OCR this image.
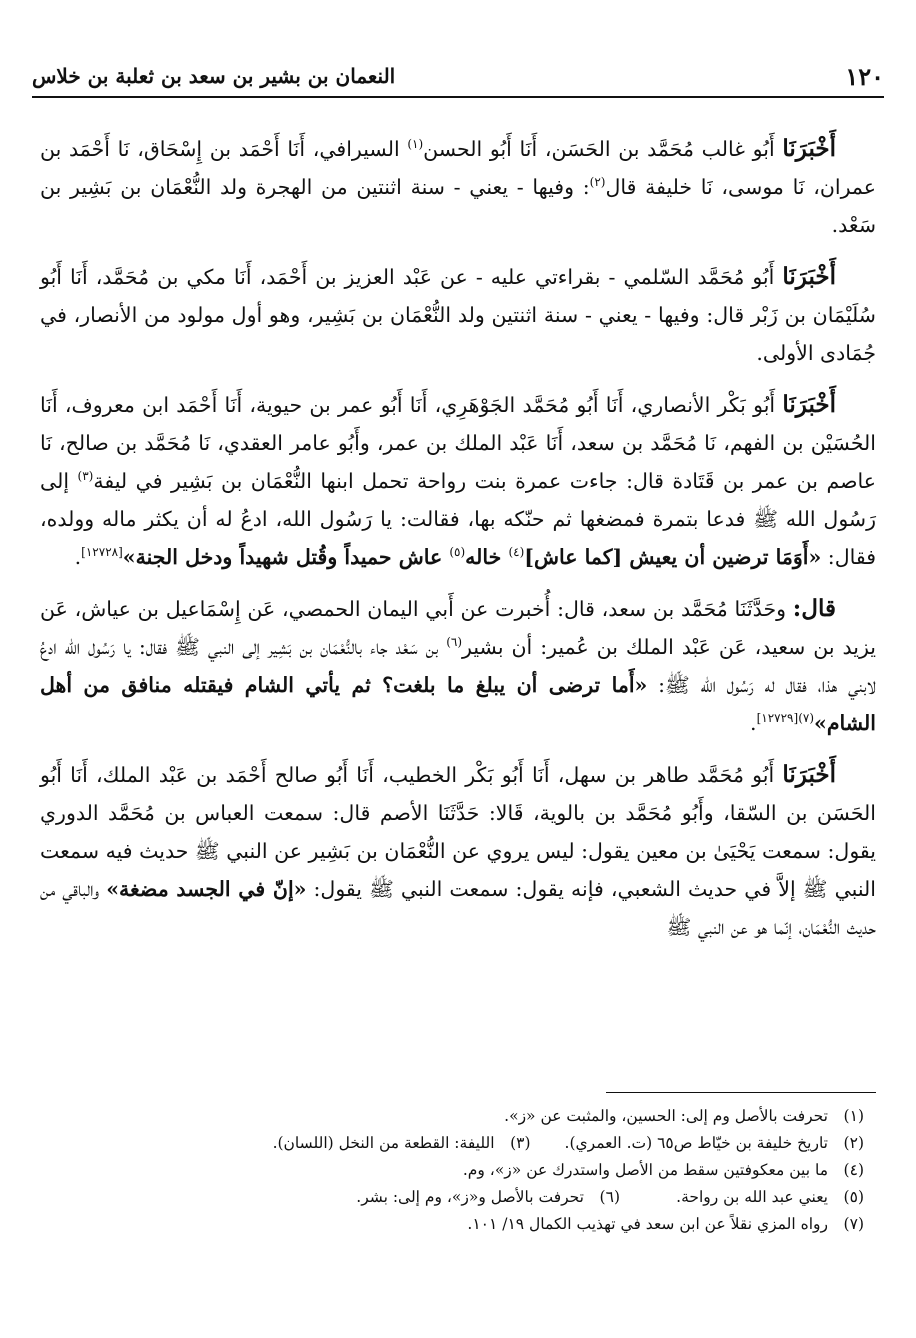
١٢٠
النعمان بن بشير بن سعد بن ثعلبة بن خلاس

أَخْبَرَنَا أَبُو غالب مُحَمَّد بن الحَسَن، أَنَا أَبُو الحسن$^{(١)}$ السيرافي، أَنَا أَحْمَد بن إِسْحَاق، نَا أَحْمَد بن عمران، نَا موسى، نَا خليفة قال$^{(٢)}$: وفيها - يعني - سنة اثنتين من الهجرة ولد النُّعْمَان بن بَشِير بن سَعْد.

أَخْبَرَنَا أَبُو مُحَمَّد السّلمي - بقراءتي عليه - عن عَبْد العزيز بن أَحْمَد، أَنَا مكي بن مُحَمَّد، أَنَا أَبُو سُلَيْمَان بن زَبْر قال: وفيها - يعني - سنة اثنتين ولد النُّعْمَان بن بَشِير، وهو أول مولود من الأنصار، في جُمَادى الأولى.

أَخْبَرَنَا أَبُو بَكْر الأنصاري، أَنَا أَبُو مُحَمَّد الجَوْهَرِي، أَنَا أَبُو عمر بن حيوية، أَنَا أَحْمَد ابن معروف، أَنَا الحُسَيْن بن الفهم، نَا مُحَمَّد بن سعد، أَنَا عَبْد الملك بن عمر، وأَبُو عامر العقدي، نَا مُحَمَّد بن صالح، نَا عاصم بن عمر بن قَتَادة قال: جاءت عمرة بنت رواحة تحمل ابنها النُّعْمَان بن بَشِير في ليفة$^{(٣)}$ إلى رَسُول الله ﷺ فدعا بتمرة فمضغها ثم حنّكه بها، فقالت: يا رَسُول الله، ادعُ له أن يكثر ماله وولده، فقال: «أَوَمَا ترضين أن يعيش [كما عاش]$^{(٤)}$ خاله$^{(٥)}$ عاش حميداً وقُتل شهيداً ودخل الجنة»[١٢٧٢٨].

قال: وحَدَّثَنَا مُحَمَّد بن سعد، قال: أُخبرت عن أَبي اليمان الحمصي، عَن إِسْمَاعيل بن عياش، عَن يزيد بن سعيد، عَن عَبْد الملك بن عُمير: أن بشير$^{(٦)}$ بن سَعْد جاء بالنُّعْمَان بن بَشِير إلى النبي ﷺ فقال: يا رَسُول الله ادعُ لابني هذا، فقال له رَسُول الله ﷺ: «أَما ترضى أن يبلغ ما بلغت؟ ثم يأتي الشام فيقتله منافق من أهل الشام»$^{(٧)[١٢٧٢٩]}$.

أَخْبَرَنَا أَبُو مُحَمَّد طاهر بن سهل، أَنَا أَبُو بَكْر الخطيب، أَنَا أَبُو صالح أَحْمَد بن عَبْد الملك، أَنَا أَبُو الحَسَن بن السّقا، وأَبُو مُحَمَّد بن بالوية، قَالا: حَدَّثَنَا الأصم قال: سمعت العباس بن مُحَمَّد الدوري يقول: سمعت يَحْيَىٰ بن معين يقول: ليس يروي عن النُّعْمَان بن بَشِير عن النبي ﷺ حديث فيه سمعت النبي ﷺ إلاَّ في حديث الشعبي، فإنه يقول: سمعت النبي ﷺ يقول: «إنّ في الجسد مضغة» والباقي من حديث النُّعْمَان، إنّما هو عن النبي ﷺ

(١)تحرفت بالأصل وم إلى: الحسين، والمثبت عن «ز».
(٢)تاريخ خليفة بن خيّاط ص٦٥ (ت. العمري).(٣)الليفة: القطعة من النخل (اللسان).
(٤)ما بين معكوفتين سقط من الأصل واستدرك عن «ز»، وم.
(٥)يعني عبد الله بن رواحة.(٦)تحرفت بالأصل و«ز»، وم إلى: بشر.
(٧)رواه المزي نقلاً عن ابن سعد في تهذيب الكمال ١٩/ ١٠١.
